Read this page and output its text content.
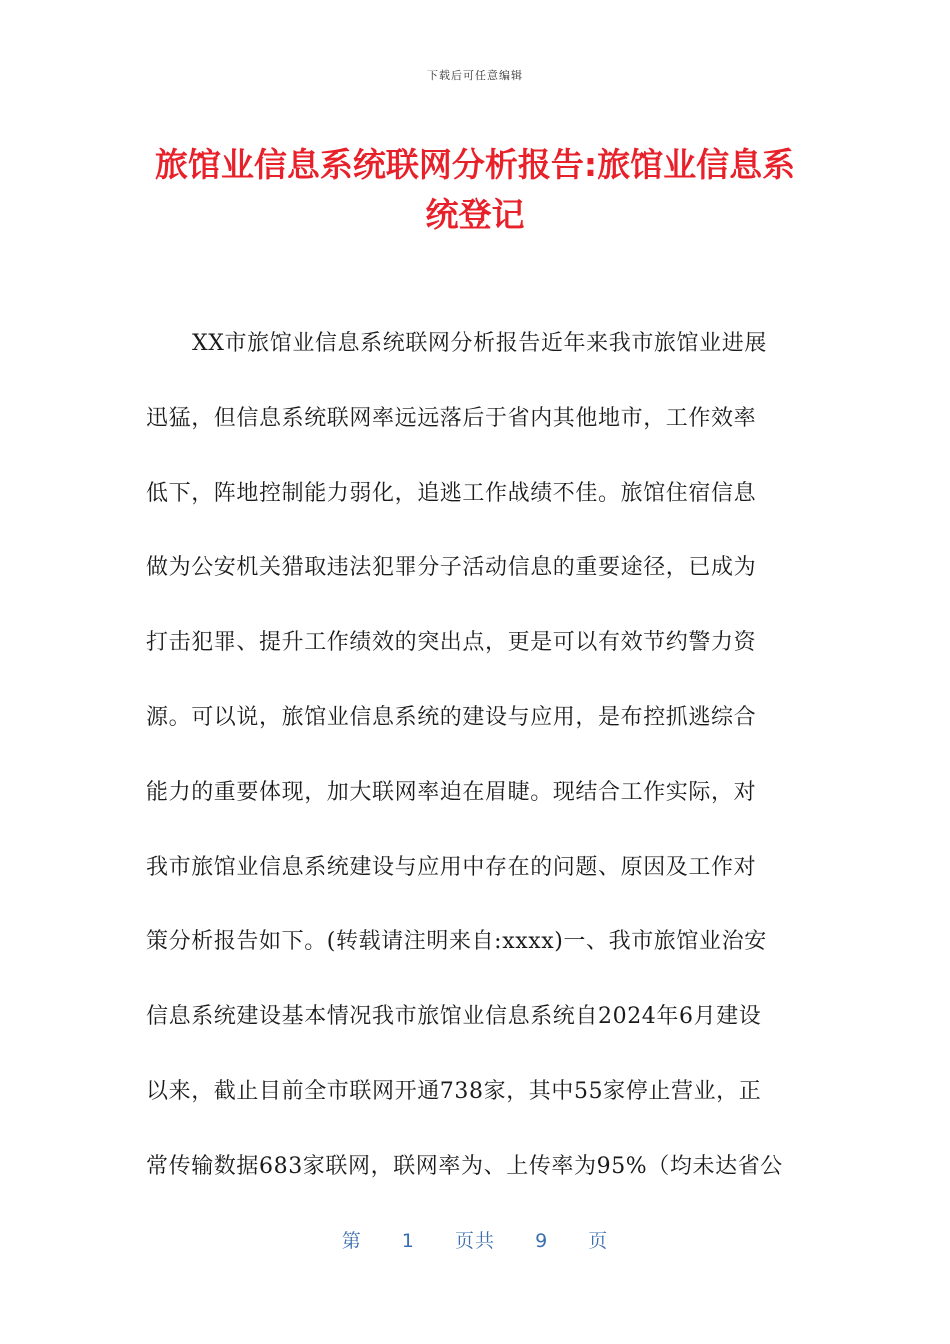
下载后可任意编辑
旅馆业信息系统联网分析报告:旅馆业信息系
统登记
XX市旅馆业信息系统联网分析报告近年来我市旅馆业进展
迅猛，但信息系统联网率远远落后于省内其他地市，工作效率
低下，阵地控制能力弱化，追逃工作战绩不佳。旅馆住宿信息
做为公安机关猎取违法犯罪分子活动信息的重要途径，已成为
打击犯罪、提升工作绩效的突出点，更是可以有效节约警力资
源。可以说，旅馆业信息系统的建设与应用，是布控抓逃综合
能力的重要体现，加大联网率迫在眉睫。现结合工作实际，对
我市旅馆业信息系统建设与应用中存在的问题、原因及工作对
策分析报告如下。(转载请注明来自:xxxx)一、我市旅馆业治安
信息系统建设基本情况我市旅馆业信息系统自2024年6月建设
以来，截止目前全市联网开通738家，其中55家停止营业，正
常传输数据683家联网，联网率为、上传率为95%（均未达省公
第 1 页共 9 页
